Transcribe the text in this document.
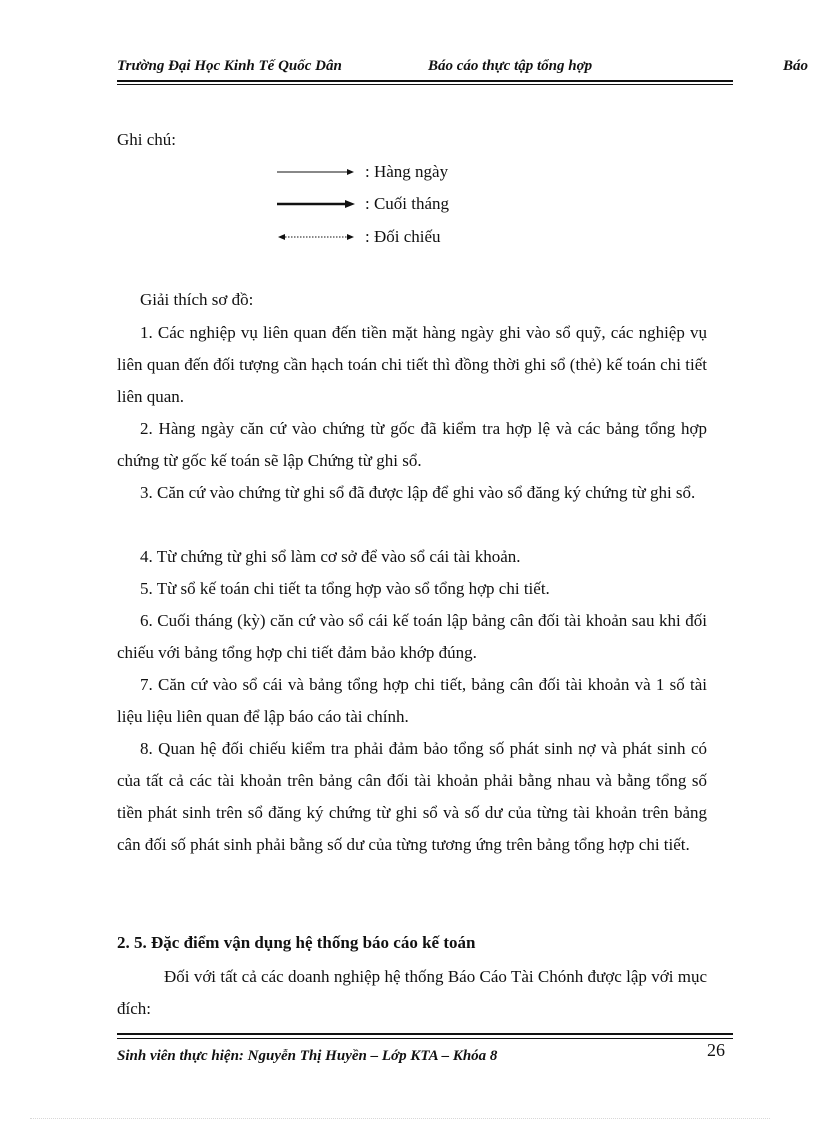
Trường Đại Học Kinh Tế Quốc Dân	Báo cáo thực tập tổng hợp	Báo
Ghi chú:
: Hàng ngày
: Cuối tháng
: Đối chiếu
Giải thích sơ đồ:

1. Các nghiệp vụ liên quan đến tiền mặt hàng ngày ghi vào sổ quỹ, các nghiệp vụ liên quan đến đối tượng cần hạch toán chi tiết thì đồng thời ghi sổ (thẻ) kế toán chi tiết liên quan.

2. Hàng ngày căn cứ vào chứng từ gốc đã kiểm tra hợp lệ và các bảng tổng hợp chứng từ gốc kế toán sẽ lập Chứng từ ghi sổ.

3. Căn cứ vào chứng từ ghi sổ đã được lập để ghi vào sổ đăng ký chứng từ ghi sổ.

4. Từ chứng từ ghi sổ làm cơ sở để vào sổ cái tài khoản.

5. Từ sổ kế toán chi tiết ta tổng hợp vào sổ tổng hợp chi tiết.

6. Cuối tháng (kỳ) căn cứ vào sổ cái kế toán lập bảng cân đối tài khoản sau khi đối chiếu với bảng tổng hợp chi tiết đảm bảo khớp đúng.

7. Căn cứ vào sổ cái và bảng tổng hợp chi tiết, bảng cân đối tài khoản và 1 số tài liệu liệu liên quan để lập báo cáo tài chính.

8. Quan hệ đối chiếu kiểm tra phải đảm bảo tổng số phát sinh nợ và phát sinh có của tất cả các tài khoản trên bảng cân đối tài khoản phải bằng nhau và bằng tổng số tiền phát sinh trên sổ đăng ký chứng từ ghi sổ và số dư của từng tài khoản trên bảng cân đối số phát sinh phải bằng số dư của từng tương ứng trên bảng tổng hợp chi tiết.

2. 5. Đặc điểm vận dụng hệ thống báo cáo kế toán

Đối với tất cả các doanh nghiệp hệ thống Báo Cáo Tài Chónh được lập với mục đích:

Sinh viên thực hiện: Nguyễn Thị Huyền – Lớp KTA – Khóa 8	26
